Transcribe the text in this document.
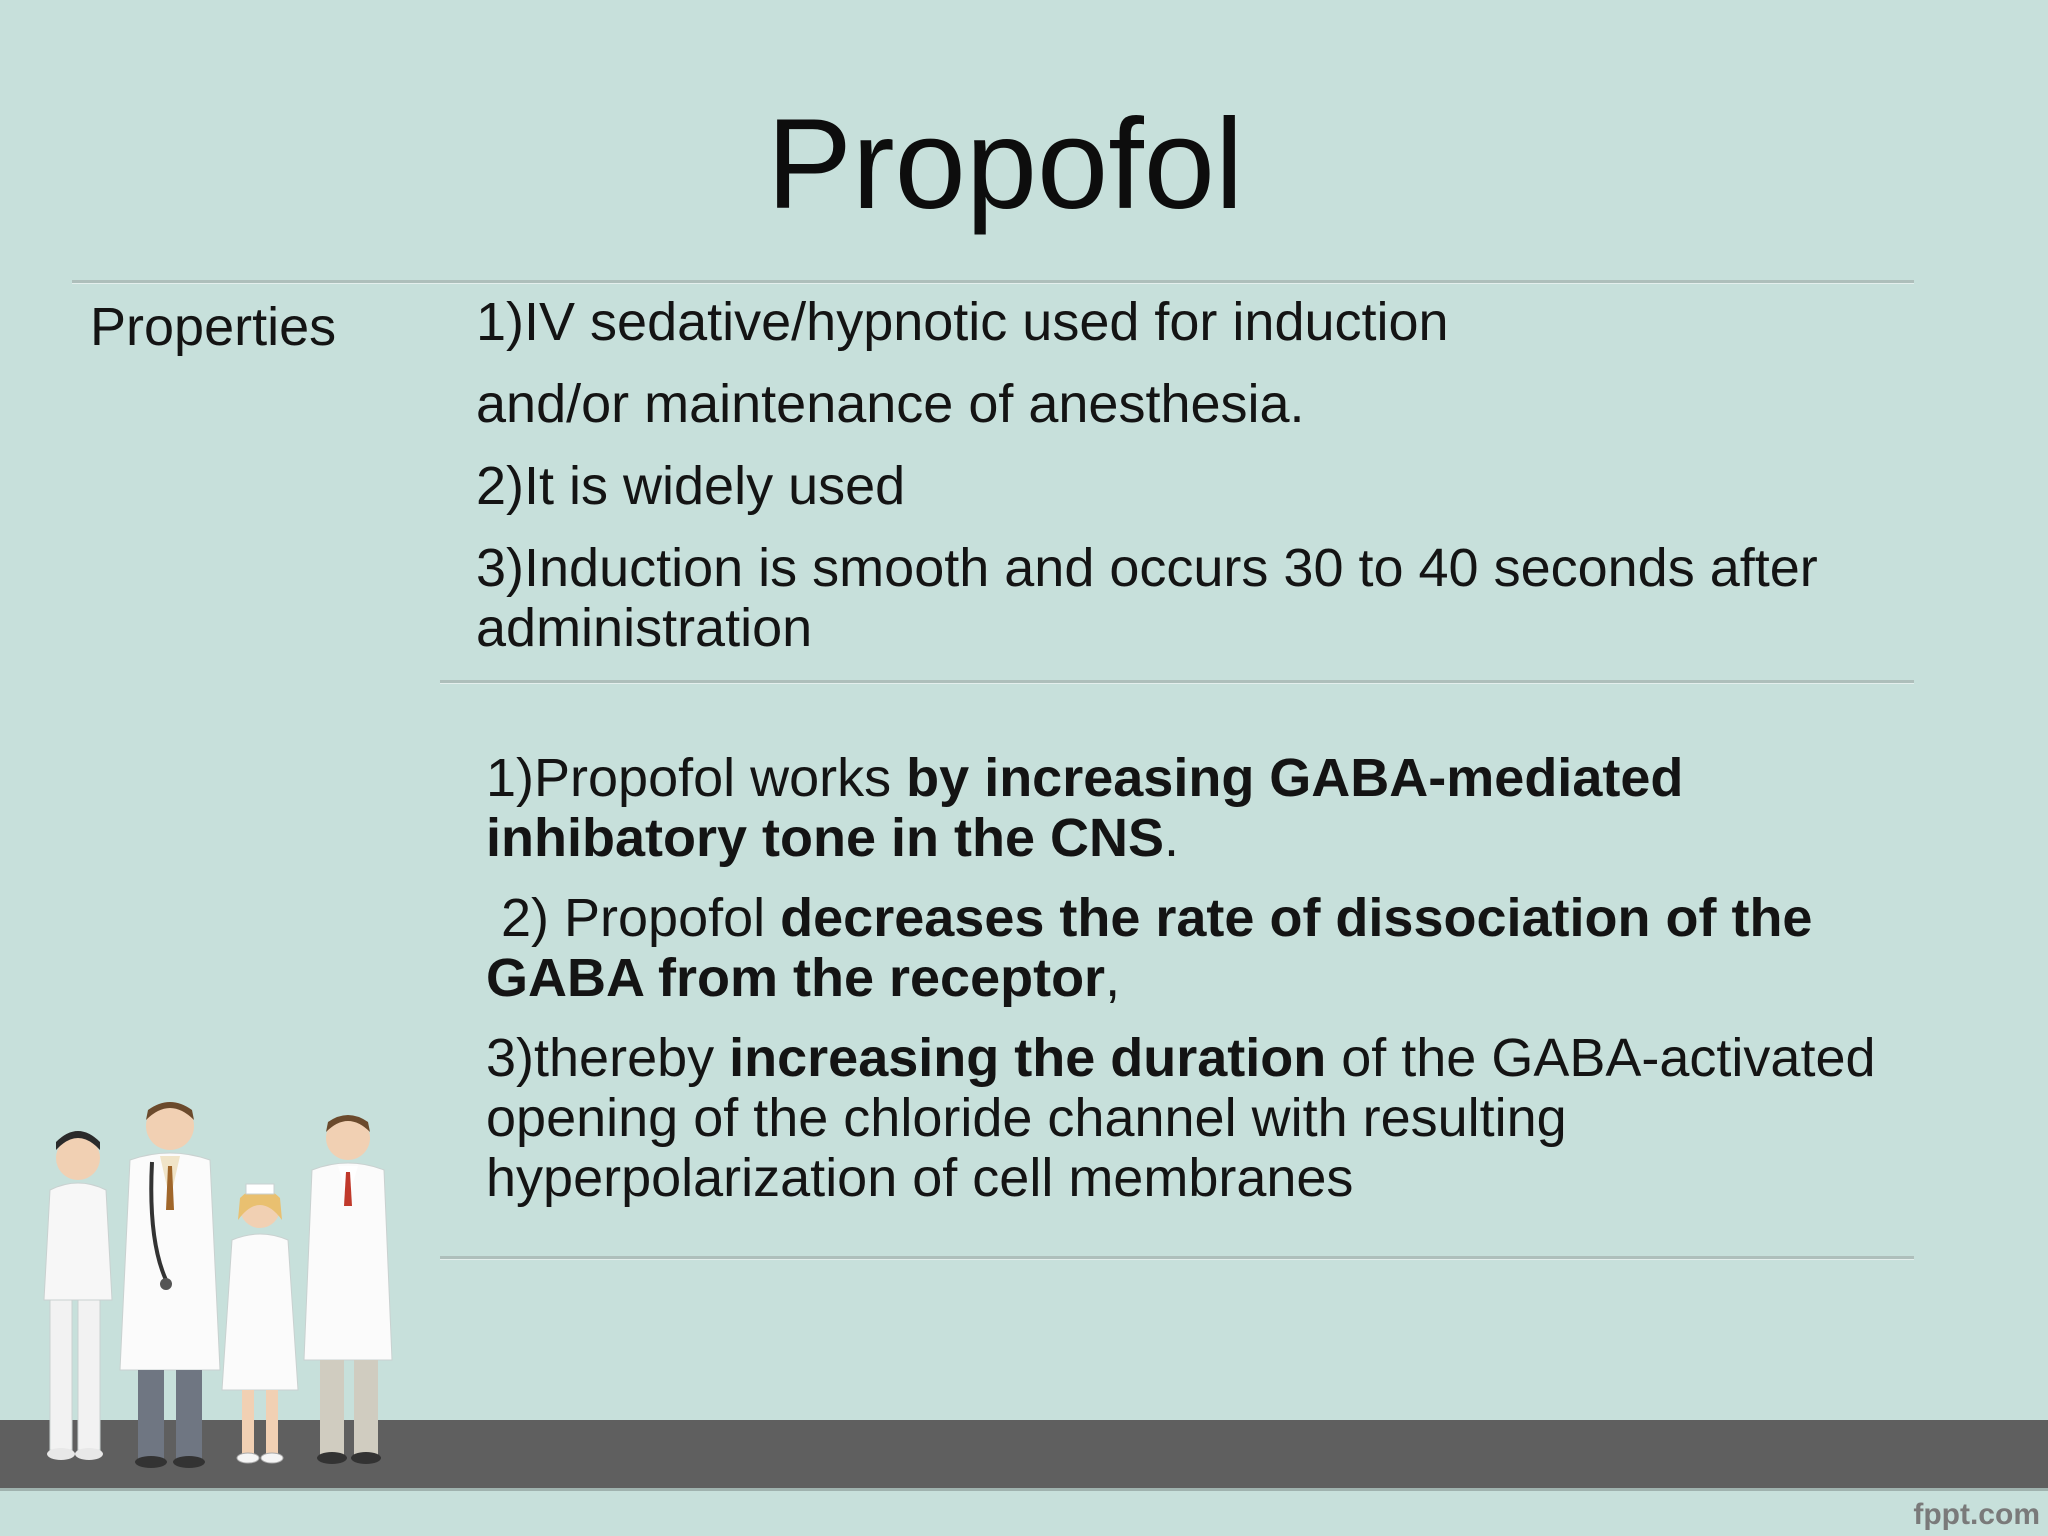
Propofol
Properties	1)IV sedative/hypnotic used for induction
and/or maintenance of anesthesia.
2)It is widely used
3)Induction is smooth and occurs 30 to 40 seconds after administration
1)Propofol works by increasing GABA-mediated inhibatory tone in the CNS.
2) Propofol decreases the rate of dissociation of the GABA from the receptor,
3)thereby increasing the duration of the GABA-activated opening of the chloride channel with resulting hyperpolarization of cell membranes
fppt.com
